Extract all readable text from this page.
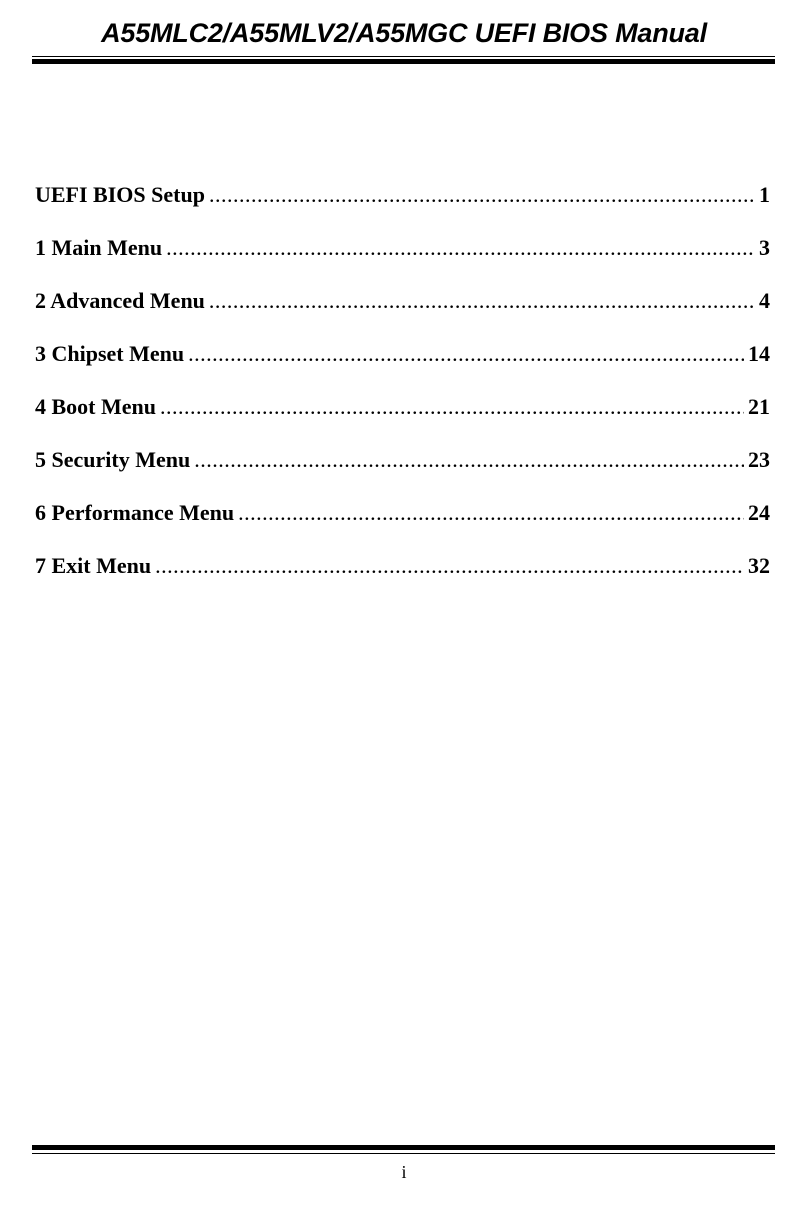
A55MLC2/A55MLV2/A55MGC UEFI BIOS Manual
UEFI BIOS Setup .....	1
1 Main Menu .....	3
2 Advanced Menu .....	4
3 Chipset Menu .....	14
4 Boot Menu .....	21
5 Security Menu .....	23
6 Performance Menu .....	24
7 Exit Menu .....	32
i
